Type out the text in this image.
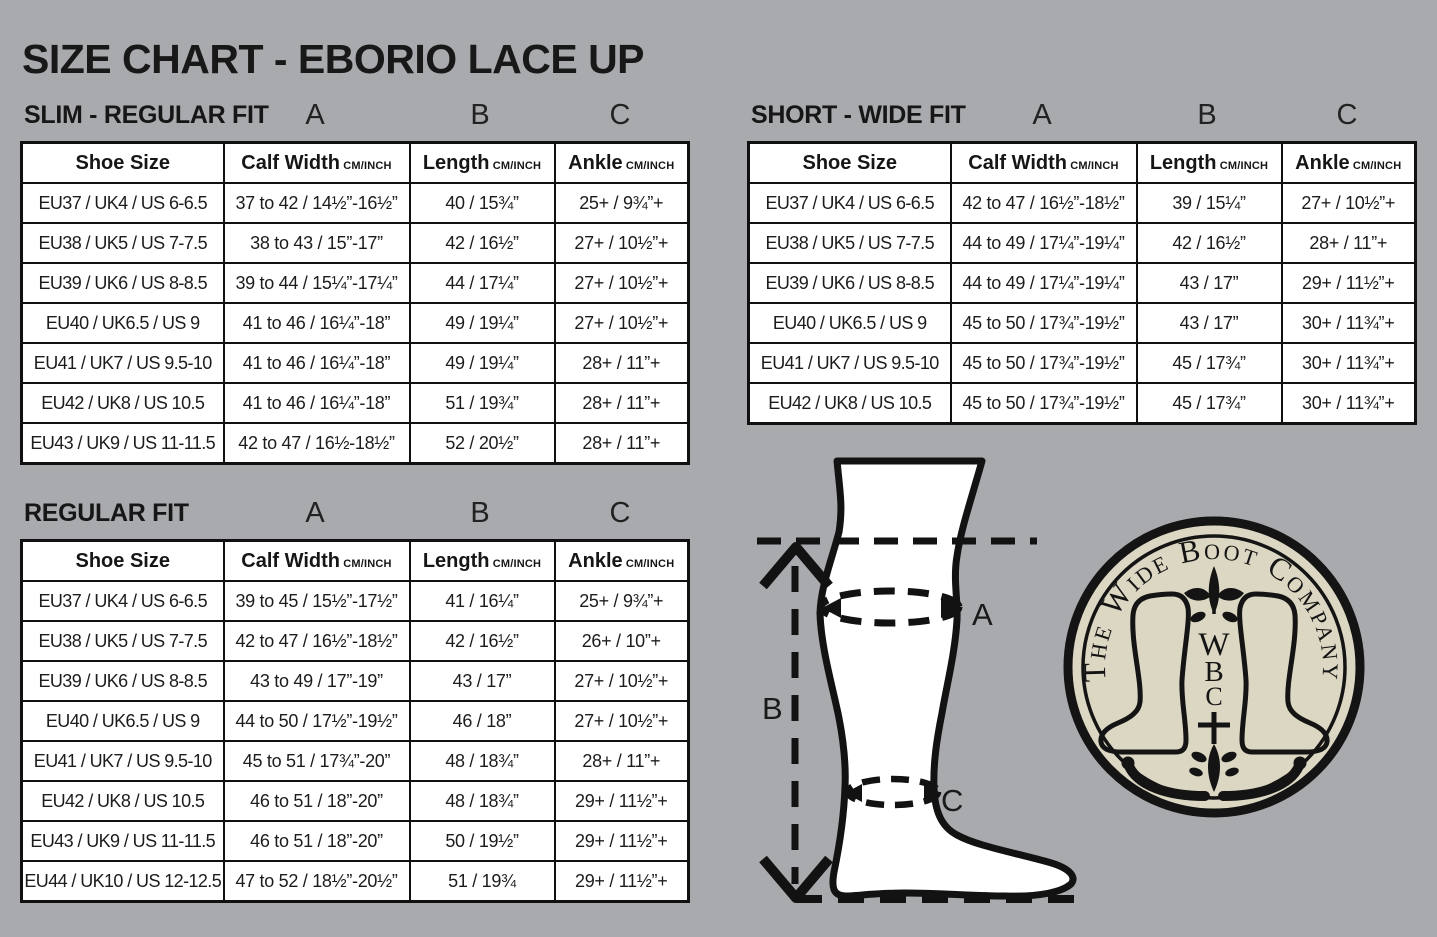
SIZE CHART - EBORIO LACE UP
SLIM - REGULAR FIT A	B	C	SHORT - WIDE FIT A	B	C
REGULAR FIT	A	B	C
Shoe Size	Calf Width CM/INCH	Length CM/INCH	Ankle CM/INCH
EU37 / UK4 / US 6-6.5	37 to 42 / 14½”-16½”	40 / 15¾”	25+ / 9¾”+
EU38 / UK5 / US 7-7.5	38 to 43 / 15”-17”	42 / 16½”	27+ / 10½”+
EU39 / UK6 / US 8-8.5	39 to 44 / 15¼”-17¼”	44 / 17¼”	27+ / 10½”+
EU40 / UK6.5 / US 9	41 to 46 / 16¼”-18”	49 / 19¼”	27+ / 10½”+
EU41 / UK7 / US 9.5-10	41 to 46 / 16¼”-18”	49 / 19¼”	28+ / 11”+
EU42 / UK8 / US 10.5	41 to 46 / 16¼”-18”	51 / 19¾”	28+ / 11”+
EU43 / UK9 / US 11-11.5	42 to 47 / 16½-18½”	52 / 20½”	28+ / 11”+
Shoe Size	Calf Width CM/INCH	Length CM/INCH	Ankle CM/INCH
EU37 / UK4 / US 6-6.5	42 to 47 / 16½”-18½”	39 / 15¼”	27+ / 10½”+
EU38 / UK5 / US 7-7.5	44 to 49 / 17¼”-19¼”	42 / 16½”	28+ / 11”+
EU39 / UK6 / US 8-8.5	44 to 49 / 17¼”-19¼”	43 / 17”	29+ / 11½”+
EU40 / UK6.5 / US 9	45 to 50 / 17¾”-19½”	43 / 17”	30+ / 11¾”+
EU41 / UK7 / US 9.5-10	45 to 50 / 17¾”-19½”	45 / 17¾”	30+ / 11¾”+
EU42 / UK8 / US 10.5	45 to 50 / 17¾”-19½”	45 / 17¾”	30+ / 11¾”+
Shoe Size	Calf Width CM/INCH	Length CM/INCH	Ankle CM/INCH
EU37 / UK4 / US 6-6.5	39 to 45 / 15½”-17½”	41 / 16¼”	25+ / 9¾”+
EU38 / UK5 / US 7-7.5	42 to 47 / 16½”-18½”	42 / 16½”	26+ / 10”+
EU39 / UK6 / US 8-8.5	43 to 49 / 17”-19”	43 / 17”	27+ / 10½”+
EU40 / UK6.5 / US 9	44 to 50 / 17½”-19½”	46 / 18”	27+ / 10½”+
EU41 / UK7 / US 9.5-10	45 to 51 / 17¾”-20”	48 / 18¾”	28+ / 11”+
EU42 / UK8 / US 10.5	46 to 51 / 18”-20”	48 / 18¾”	29+ / 11½”+
EU43 / UK9 / US 11-11.5	46 to 51 / 18”-20”	50 / 19½”	29+ / 11½”+
EU44 / UK10 / US 12-12.5	47 to 52 / 18½”-20½”	51 / 19¾	29+ / 11½”+
A
B
C
The Wide Boot Company
W
B
C
